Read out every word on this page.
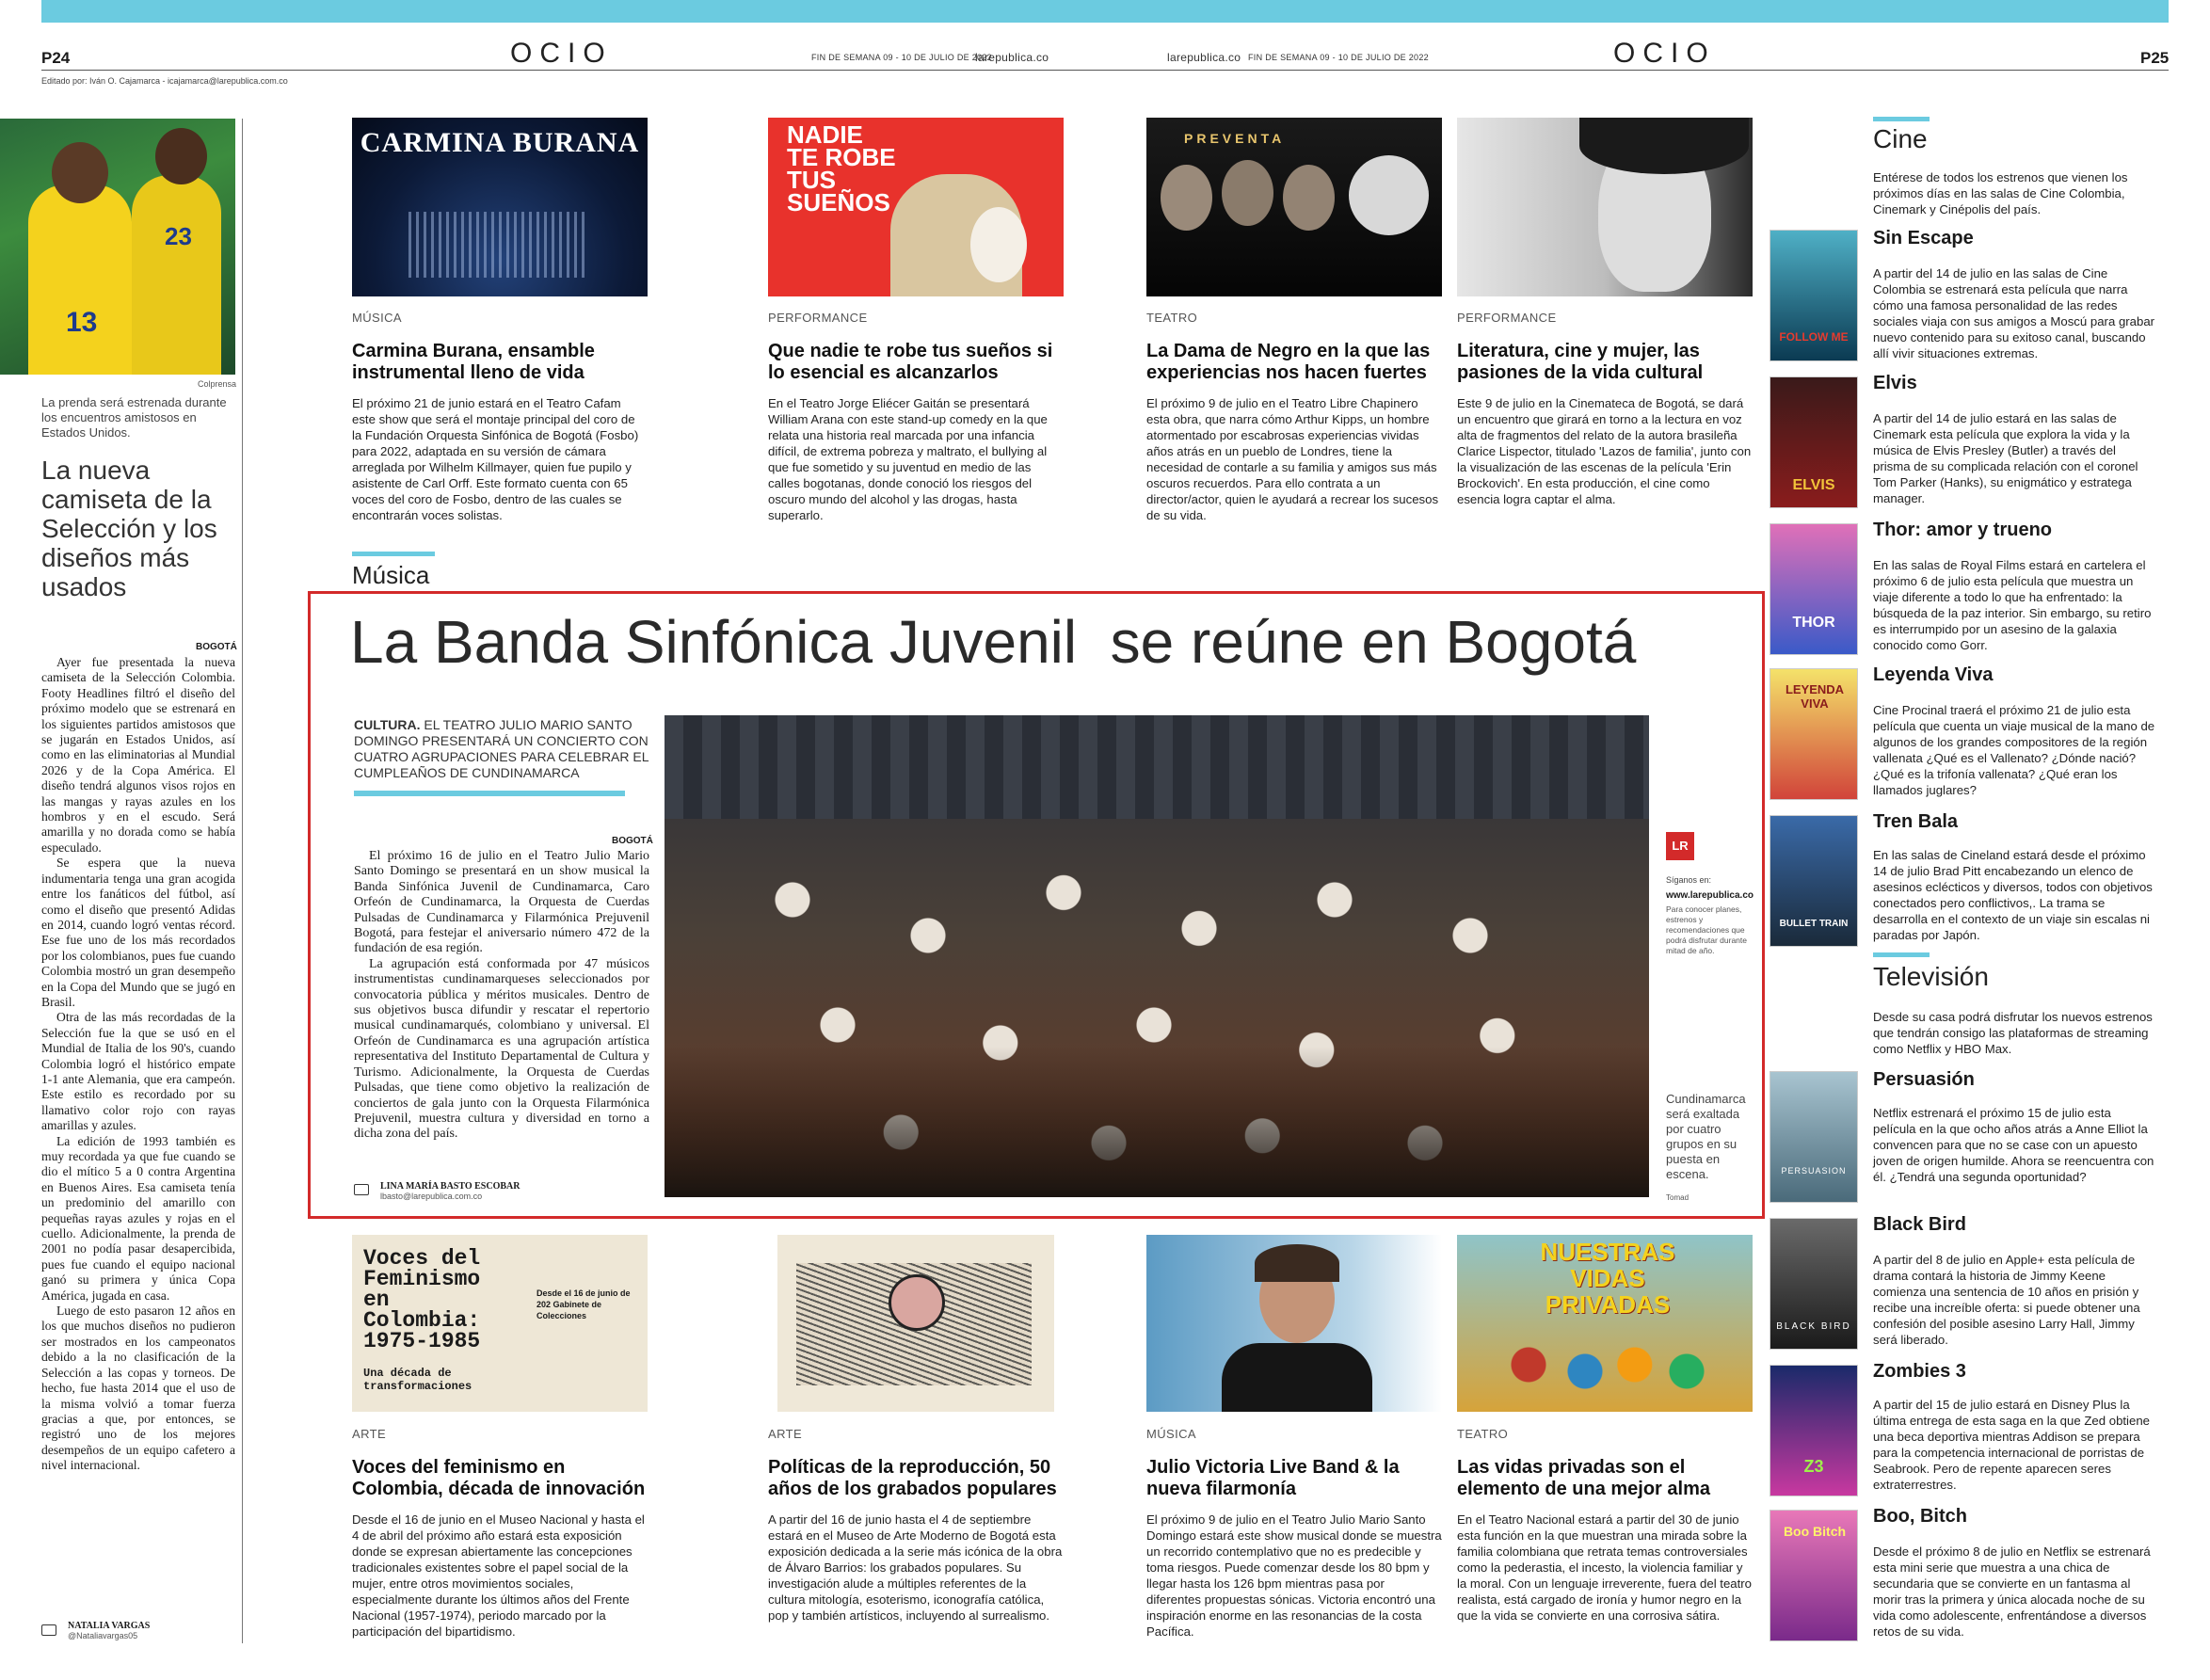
P24	OCIO	FIN DE SEMANA 09 - 10 DE JULIO DE 2022
larepublica.co	larepublica.co FIN DE SEMANA 09 - 10 DE JULIO DE 2022	OCIO	P25
Editado por: Iván O. Cajamarca - icajamarca@larepublica.com.co
13
23
Colprensa
La prenda será estrenada durante los encuentros amistosos en Estados Unidos.
La nueva camiseta de la Selección y los diseños más usados
BOGOTÁ

Ayer fue presentada la nueva camiseta de la Selección Colombia. Footy Headlines filtró el diseño del próximo modelo que se estrenará en los siguientes partidos amistosos que se jugarán en Estados Unidos, así como en las eliminatorias al Mundial 2026 y de la Copa América. El diseño tendrá algunos visos rojos en las mangas y rayas azules en los hombros y en el escudo. Será amarilla y no dorada como se había especulado.

Se espera que la nueva indumentaria tenga una gran acogida entre los fanáticos del fútbol, así como el diseño que presentó Adidas en 2014, cuando logró ventas récord. Ese fue uno de los más recordados por los colombianos, pues fue cuando Colombia mostró un gran desempeño en la Copa del Mundo que se jugó en Brasil.

Otra de las más recordadas de la Selección fue la que se usó en el Mundial de Italia de los 90's, cuando Colombia logró el histórico empate 1-1 ante Alemania, que era campeón. Este estilo es recordado por su llamativo color rojo con rayas amarillas y azules.

La edición de 1993 también es muy recordada ya que fue cuando se dio el mítico 5 a 0 contra Argentina en Buenos Aires. Esa camiseta tenía un predominio del amarillo con pequeñas rayas azules y rojas en el cuello. Adicionalmente, la prenda de 2001 no podía pasar desapercibida, pues fue cuando el equipo nacional ganó su primera y única Copa América, jugada en casa.

Luego de esto pasaron 12 años en los que muchos diseños no pudieron ser mostrados en los campeonatos debido a la no clasificación de la Selección a las copas y torneos. De hecho, fue hasta 2014 que el uso de la misma volvió a tomar fuerza gracias a que, por entonces, se registró uno de los mejores desempeños de un equipo cafetero a nivel internacional.

NATALIA VARGAS
@Nataliavargas05
CARMINA BURANA	NADIE TE ROBE TUS SUEÑOS
PREVENTA
MÚSICA	PERFORMANCE	TEATRO	PERFORMANCE
Carmina Burana, ensamble instrumental lleno de vida
Que nadie te robe tus sueños si lo esencial es alcanzarlos
La Dama de Negro en la que las experiencias nos hacen fuertes
Literatura, cine y mujer, las pasiones de la vida cultural
El próximo 21 de junio estará en el Teatro Cafam este show que será el montaje principal del coro de la Fundación Orquesta Sinfónica de Bogotá (Fosbo) para 2022, adaptada en su versión de cámara arreglada por Wilhelm Killmayer, quien fue pupilo y asistente de Carl Orff. Este formato cuenta con 65 voces del coro de Fosbo, dentro de las cuales se encontrarán voces solistas.
En el Teatro Jorge Eliécer Gaitán se presentará William Arana con este stand-up comedy en la que relata una historia real marcada por una infancia difícil, de extrema pobreza y maltrato, el bullying al que fue sometido y su juventud en medio de las calles bogotanas, donde conoció los riesgos del oscuro mundo del alcohol y las drogas, hasta superarlo.
El próximo 9 de julio en el Teatro Libre Chapinero esta obra, que narra cómo Arthur Kipps, un hombre atormentado por escabrosas experiencias vividas años atrás en un pueblo de Londres, tiene la necesidad de contarle a su familia y amigos sus más oscuros recuerdos. Para ello contrata a un director/actor, quien le ayudará a recrear los sucesos de su vida.
Este 9 de julio en la Cinemateca de Bogotá, se dará un encuentro que girará en torno a la lectura en voz alta de fragmentos del relato de la autora brasileña Clarice Lispector, titulado 'Lazos de familia', junto con la visualización de las escenas de la película 'Erin Brockovich'. En esta producción, el cine como esencia logra captar el alma.
Música
La Banda Sinfónica Juvenil  se reúne en Bogotá
CULTURA. EL TEATRO JULIO MARIO SANTO DOMINGO PRESENTARÁ UN CONCIERTO CON CUATRO AGRUPACIONES PARA CELEBRAR EL CUMPLEAÑOS DE CUNDINAMARCA
BOGOTÁ

El próximo 16 de julio en el Teatro Julio Mario Santo Domingo se presentará en un show musical la Banda Sinfónica Juvenil de Cundinamarca, Caro Orfeón de Cundinamarca, la Orquesta de Cuerdas Pulsadas de Cundinamarca y Filarmónica Prejuvenil Bogotá, para festejar el aniversario número 472 de la fundación de esa región.

La agrupación está conformada por 47 músicos instrumentistas cundinamarqueses seleccionados por convocatoria pública y méritos musicales. Dentro de sus objetivos busca difundir y rescatar el repertorio musical cundinamarqués, colombiano y universal. El Orfeón de Cundinamarca es una agrupación artística representativa del Instituto Departamental de Cultura y Turismo. Adicionalmente, la Orquesta de Cuerdas Pulsadas, que tiene como objetivo la realización de conciertos de gala junto con la Orquesta Filarmónica Prejuvenil, muestra cultura y diversidad en torno a dicha zona del país.

LINA MARÍA BASTO ESCOBAR
lbasto@larepublica.com.co
LR
Síganos en:
www.larepublica.co
Para conocer planes, estrenos y recomendaciones que podrá disfrutar durante mitad de año.
Cundinamarca será exaltada por cuatro grupos en su puesta en escena.
Tomad
Voces del
Feminismo
en
Colombia:
1975-1985
Una década de transformaciones
Desde el 16 de junio de 202 Gabinete de Colecciones
NUESTRAS VIDAS PRIVADAS
ARTE	ARTE	MÚSICA	TEATRO
Voces del feminismo en Colombia, década de innovación
Políticas de la reproducción, 50 años de los grabados populares
Julio Victoria Live Band & la nueva filarmonía
Las vidas privadas son el elemento de una mejor alma
Desde el 16 de junio en el Museo Nacional y hasta el 4 de abril del próximo año estará esta exposición donde se expresan abiertamente las concepciones tradicionales existentes sobre el papel social de la mujer, entre otros movimientos sociales, especialmente durante los últimos años del Frente Nacional (1957-1974), periodo marcado por la participación del bipartidismo.
A partir del 16 de junio hasta el 4 de septiembre estará en el Museo de Arte Moderno de Bogotá esta exposición dedicada a la serie más icónica de la obra de Álvaro Barrios: los grabados populares. Su investigación alude a múltiples referentes de la cultura mitología, esoterismo, iconografía católica, pop y también artísticos, incluyendo al surrealismo.
El próximo 9 de julio en el Teatro Julio Mario Santo Domingo estará este show musical donde se muestra un recorrido contemplativo que no es predecible y toma riesgos. Puede comenzar desde los 80 bpm y llegar hasta los 126 bpm mientras pasa por diferentes propuestas sónicas. Victoria encontró una inspiración enorme en las resonancias de la costa Pacífica.
En el Teatro Nacional estará a partir del 30 de junio esta función en la que muestran una mirada sobre la familia colombiana que retrata temas controversiales como la pederastia, el incesto, la violencia familiar y la moral. Con un lenguaje irreverente, fuera del teatro realista, está cargado de ironía y humor negro en la que la vida se convierte en una corrosiva sátira.
Cine
Entérese de todos los estrenos que vienen los próximos días en las salas de Cine Colombia, Cinemark y Cinépolis del país.
FOLLOW ME
ELVIS
THOR
LEYENDA VIVA
BULLET TRAIN
Sin Escape
A partir del 14 de julio en las salas de Cine Colombia se estrenará esta película que narra cómo una famosa personalidad de las redes sociales viaja con sus amigos a Moscú para grabar nuevo contenido para su exitoso canal, buscando allí vivir situaciones extremas.
Elvis
A partir del 14 de julio estará en las salas de Cinemark esta película que explora la vida y la música de Elvis Presley (Butler) a través del prisma de su complicada relación con el coronel Tom Parker (Hanks), su enigmático y estratega manager.
Thor: amor y trueno
En las salas de Royal Films estará en cartelera el próximo 6 de julio esta película que muestra un viaje diferente a todo lo que ha enfrentado: la búsqueda de la paz interior. Sin embargo, su retiro es interrumpido por un asesino de la galaxia conocido como Gorr.
Leyenda Viva
Cine Procinal traerá el próximo 21 de julio esta película que cuenta un viaje musical de la mano de algunos de los grandes compositores de la región vallenata ¿Qué es el Vallenato? ¿Dónde nació? ¿Qué es la trifonía vallenata? ¿Qué eran los llamados juglares?
Tren Bala
En las salas de Cineland estará desde el próximo 14 de julio Brad Pitt encabezando un elenco de asesinos eclécticos y diversos, todos con objetivos conectados pero conflictivos,. La trama se desarrolla en el contexto de un viaje sin escalas ni paradas por Japón.
Televisión
Desde su casa podrá disfrutar los nuevos estrenos que tendrán consigo las plataformas de streaming como Netflix y HBO Max.
PERSUASION
BLACK BIRD
Z3
Boo Bitch
Persuasión
Netflix estrenará el próximo 15 de julio esta película en la que ocho años atrás a Anne Elliot la convencen para que no se case con un apuesto joven de origen humilde. Ahora se reencuentra con él. ¿Tendrá una segunda oportunidad?
Black Bird
A partir del 8 de julio en Apple+ esta película de drama contará la historia de Jimmy Keene comienza una sentencia de 10 años en prisión y recibe una increíble oferta: si puede obtener una confesión del posible asesino Larry Hall, Jimmy será liberado.
Zombies 3
A partir del 15 de julio estará en Disney Plus la última entrega de esta saga en la que Zed obtiene una beca deportiva mientras Addison se prepara para la competencia internacional de porristas de Seabrook. Pero de repente aparecen seres extraterrestres.
Boo, Bitch
Desde el próximo 8 de julio en Netflix se estrenará esta mini serie que muestra a una chica de secundaria que se convierte en un fantasma al morir tras la primera y única alocada noche de su vida como adolescente, enfrentándose a diversos retos de su vida.
